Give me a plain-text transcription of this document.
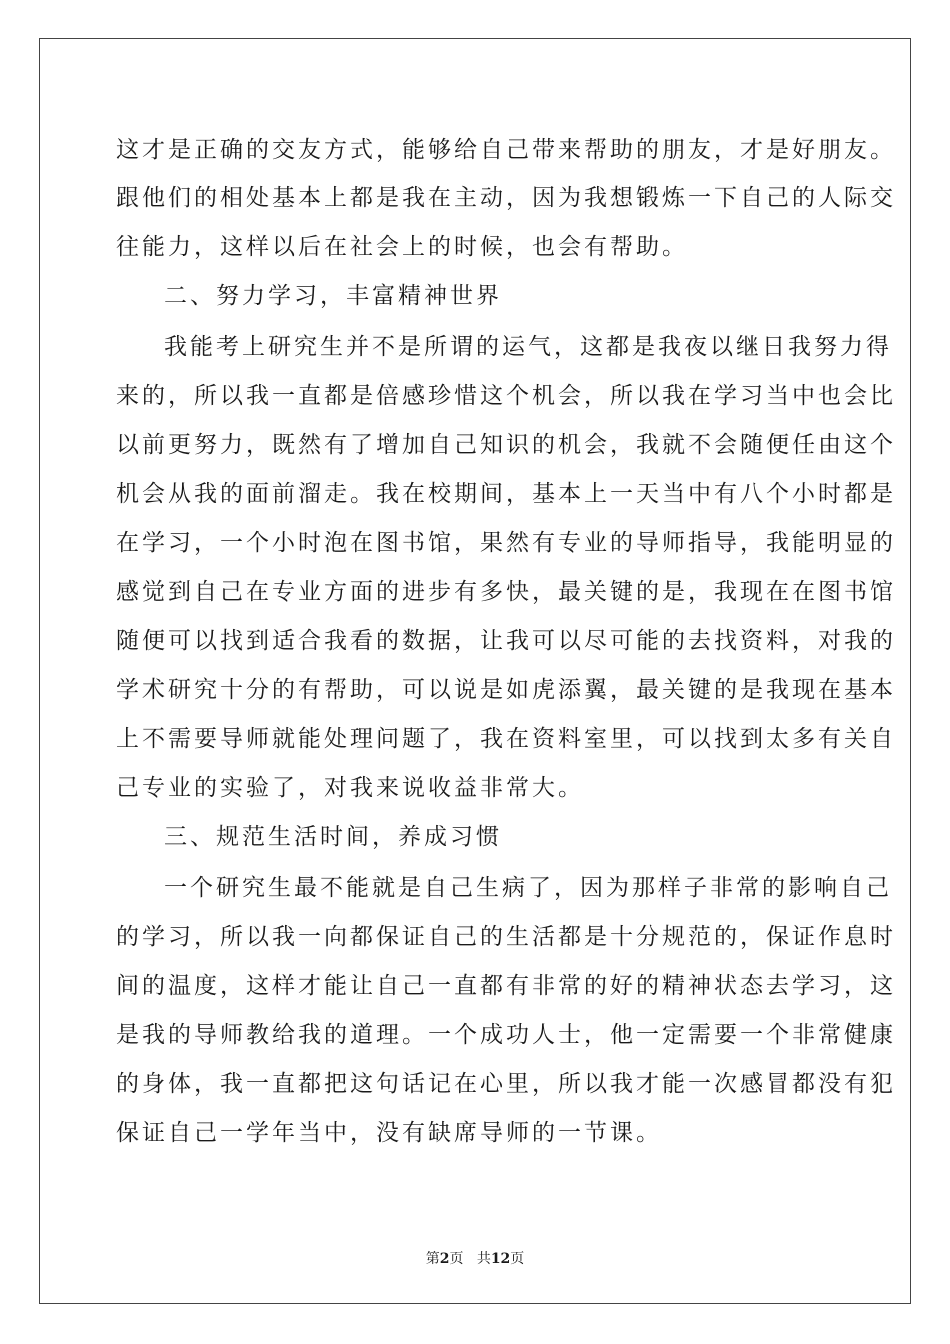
这才是正确的交友方式，能够给自己带来帮助的朋友，才是好朋友。
跟他们的相处基本上都是我在主动，因为我想锻炼一下自己的人际交
往能力，这样以后在社会上的时候，也会有帮助。
二、努力学习，丰富精神世界
我能考上研究生并不是所谓的运气，这都是我夜以继日我努力得
来的，所以我一直都是倍感珍惜这个机会，所以我在学习当中也会比
以前更努力，既然有了增加自己知识的机会，我就不会随便任由这个
机会从我的面前溜走。我在校期间，基本上一天当中有八个小时都是
在学习，一个小时泡在图书馆，果然有专业的导师指导，我能明显的
感觉到自己在专业方面的进步有多快，最关键的是，我现在在图书馆
随便可以找到适合我看的数据，让我可以尽可能的去找资料，对我的
学术研究十分的有帮助，可以说是如虎添翼，最关键的是我现在基本
上不需要导师就能处理问题了，我在资料室里，可以找到太多有关自
己专业的实验了，对我来说收益非常大。
三、规范生活时间，养成习惯
一个研究生最不能就是自己生病了，因为那样子非常的影响自己
的学习，所以我一向都保证自己的生活都是十分规范的，保证作息时
间的温度，这样才能让自己一直都有非常的好的精神状态去学习，这
是我的导师教给我的道理。一个成功人士，他一定需要一个非常健康
的身体，我一直都把这句话记在心里，所以我才能一次感冒都没有犯
保证自己一学年当中，没有缺席导师的一节课。
第2页 共12页
